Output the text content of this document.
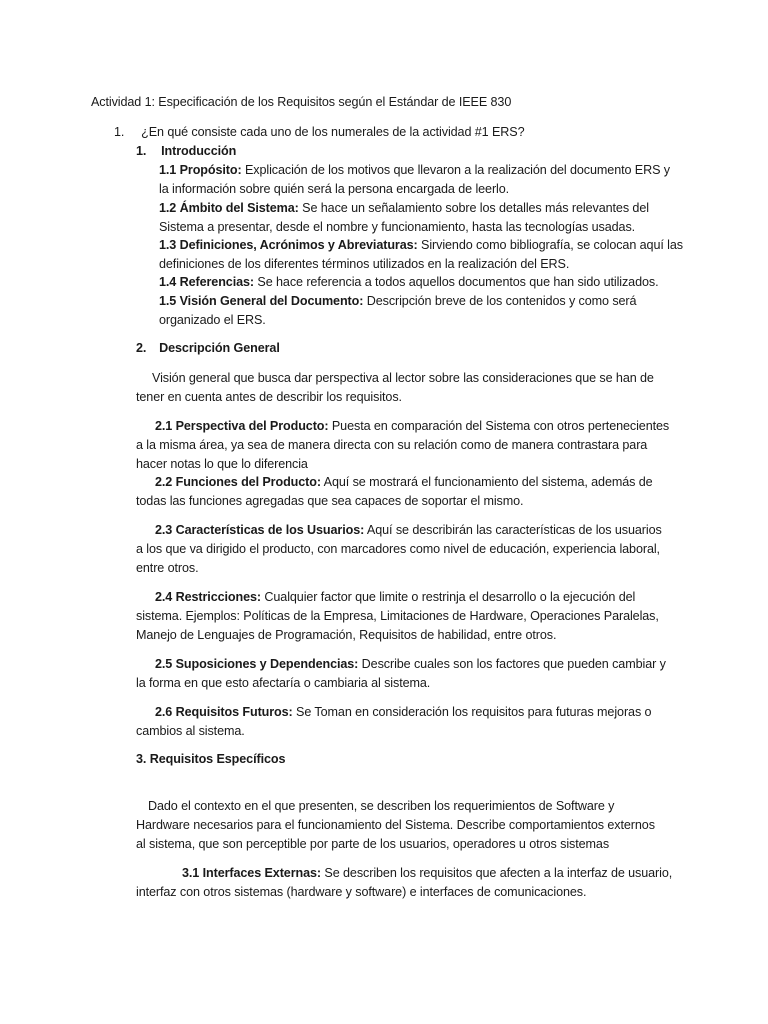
Actividad 1: Especificación de los Requisitos según el Estándar de IEEE 830

1. ¿En qué consiste cada uno de los numerales de la actividad #1 ERS?

1. Introducción

1.1 Propósito: Explicación de los motivos que llevaron a la realización del documento ERS y la información sobre quién será la persona encargada de leerlo.

1.2 Ámbito del Sistema: Se hace un señalamiento sobre los detalles más relevantes del Sistema a presentar, desde el nombre y funcionamiento, hasta las tecnologías usadas.

1.3 Definiciones, Acrónimos y Abreviaturas: Sirviendo como bibliografía, se colocan aquí las definiciones de los diferentes términos utilizados en la realización del ERS.

1.4 Referencias: Se hace referencia a todos aquellos documentos que han sido utilizados.

1.5 Visión General del Documento: Descripción breve de los contenidos y como será organizado el ERS.

2. Descripción General

Visión general que busca dar perspectiva al lector sobre las consideraciones que se han de tener en cuenta antes de describir los requisitos.

2.1 Perspectiva del Producto: Puesta en comparación del Sistema con otros pertenecientes a la misma área, ya sea de manera directa con su relación como de manera contrastara para hacer notas lo que lo diferencia

2.2 Funciones del Producto: Aquí se mostrará el funcionamiento del sistema, además de todas las funciones agregadas que sea capaces de soportar el mismo.

2.3 Características de los Usuarios: Aquí se describirán las características de los usuarios a los que va dirigido el producto, con marcadores como nivel de educación, experiencia laboral, entre otros.

2.4 Restricciones: Cualquier factor que limite o restrinja el desarrollo o la ejecución del sistema. Ejemplos: Políticas de la Empresa, Limitaciones de Hardware, Operaciones Paralelas, Manejo de Lenguajes de Programación, Requisitos de habilidad, entre otros.

2.5 Suposiciones y Dependencias: Describe cuales son los factores que pueden cambiar y la forma en que esto afectaría o cambiaria al sistema.

2.6 Requisitos Futuros: Se Toman en consideración los requisitos para futuras mejoras o cambios al sistema.

3. Requisitos Específicos

Dado el contexto en el que presenten, se describen los requerimientos de Software y Hardware necesarios para el funcionamiento del Sistema. Describe comportamientos externos al sistema, que son perceptible por parte de los usuarios, operadores u otros sistemas

3.1 Interfaces Externas: Se describen los requisitos que afecten a la interfaz de usuario, interfaz con otros sistemas (hardware y software) e interfaces de comunicaciones.
